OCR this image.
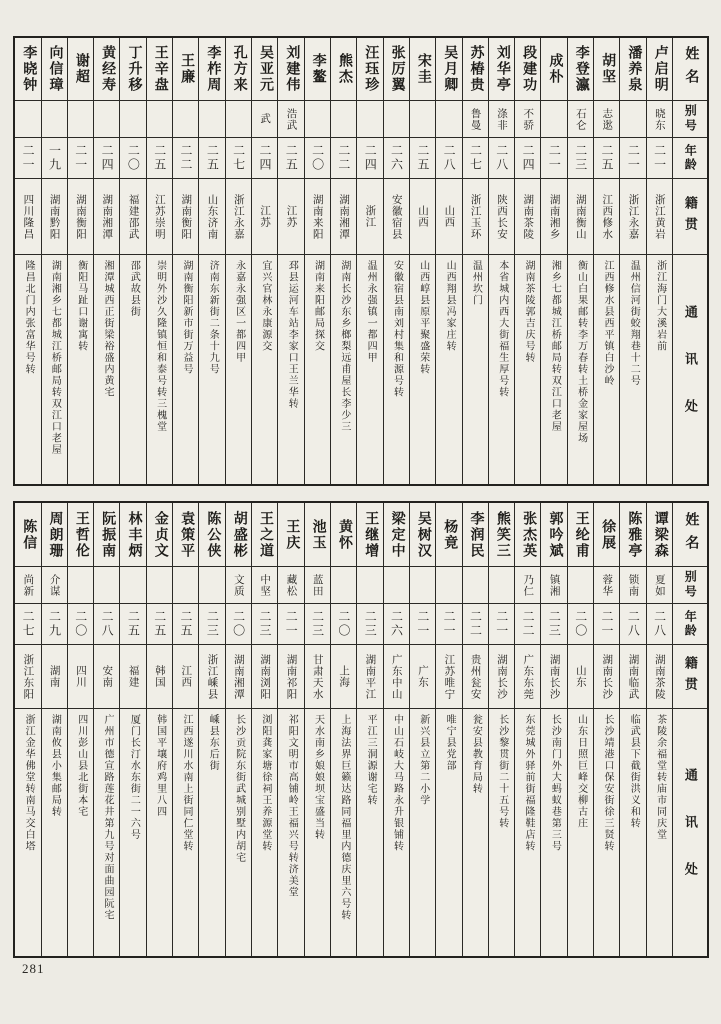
姓名
别号
年龄
籍贯
通讯处
卢启明
晓东
二一
浙江黄岩
浙江海门大溪岩前
潘养泉
二一
浙江永嘉
温州信河街蛟翔巷十二号
胡坚
志逖
二五
江西修水
江西修水县西平镇白沙岭
李登瀛
石仑
二三
湖南衡山
衡山白果邮转李万春转土桥金家屋场
成朴
二一
湖南湘乡
湘乡七都城江桥邮局转双江口老屋
段建功
不骄
二四
湖南茶陵
湖南茶陵郭吉庆号转
刘华亭
涤非
二八
陕西长安
本省城内西大街福生厚号转
苏椿贵
鲁曼
二七
浙江玉环
温州坎门
吴月卿
二八
山西
山西翔县冯家庄转
宋圭
二五
山西
山西崞县原平聚盛荣转
张厉翼
二六
安徽宿县
安徽宿县南刘村集和源号转
汪珏珍
二四
浙江
温州永强镇一都四甲
熊杰
二二
湖南湘潭
湖南长沙东乡榔梨远甫屋长李少三
李鳌
二〇
湖南来阳
湖南来阳邮局探交
刘建伟
浩武
二五
江苏
邳县运河车站李家口王兰华转
吴亚元
武
二四
江苏
宜兴官林永康源交
孔方来
二七
浙江永嘉
永嘉永强区一都四甲
李柞周
二五
山东济南
济南东新街二条十九号
王廉
二二
湖南衡阳
湖南衡阳新市街万益号
王辛盘
二五
江苏崇明
崇明外沙久隆镇恒和泰号转三槐堂
丁升移
二〇
福建邵武
邵武故县街
黄经寿
二四
湖南湘潭
湘潭城西正街梁裕盛内黄宅
谢超
二一
湖南衡阳
衡阳马趾口谢寓转
向信璋
一九
湖南黔阳
湖南湘乡七都城江桥邮局转双江口老屋
李晓钟
二一
四川隆昌
隆昌北门内张富华号转
姓名
别号
年龄
籍贯
通讯处
谭梁森
夏如
二八
湖南茶陵
茶陵余福堂转庙市同庆堂
陈雅亭
锁南
二八
湖南临武
临武县下截街洪义和转
徐展
蓉华
二一
湖南长沙
长沙靖港口保安街徐三贤转
王纶甫
二〇
山东
山东日照巨峰交柳古庄
郭吟斌
镇湘
二三
湖南长沙
长沙南门外大蚂蚁巷第三号
张杰英
乃仁
二二
广东东莞
东莞城外驿前街福隆鞋店转
熊笑三
二一
湖南长沙
长沙黎贯街二十五号转
李润民
二二
贵州瓮安
瓮安县教育局转
杨竟
二一
江苏唯宁
唯宁县党部
吴树汉
二一
广东
新兴县立第二小学
梁定中
二六
广东中山
中山石岐大马路永升银铺转
王继增
二三
湖南平江
平江三洞源谢宅转
黄怀
二〇
上海
上海法界巨籁达路同福里内德庆里六号转
池玉
蓝田
二三
甘肃天水
天水南乡娘娘坝宝盛当转
王庆
藏松
二一
湖南祁阳
祁阳文明市高铺岭王福兴号转济美堂
王之道
中坚
二三
湖南浏阳
浏阳龚家塘徐祠王养源堂转
胡盛彬
文质
二〇
湖南湘潭
长沙贡院东街武城别墅内胡宅
陈公侠
二三
浙江嵊县
嵊县东后街
袁策平
二五
江西
江西遂川水南上街同仁堂转
金贞文
二五
韩国
韩国平壤府鸡里八四
林丰炳
二五
福建
厦门长汀水东街二一六号
阮振南
二八
安南
广州市德宣路莲花井第九号对面曲园阮宅
王哲伦
二〇
四川
四川彭山县北街本宅
周朗珊
介谋
二九
湖南
湖南攸县小集邮局转
陈信
尚新
二七
浙江东阳
浙江金华佛堂转南马交白塔
281
